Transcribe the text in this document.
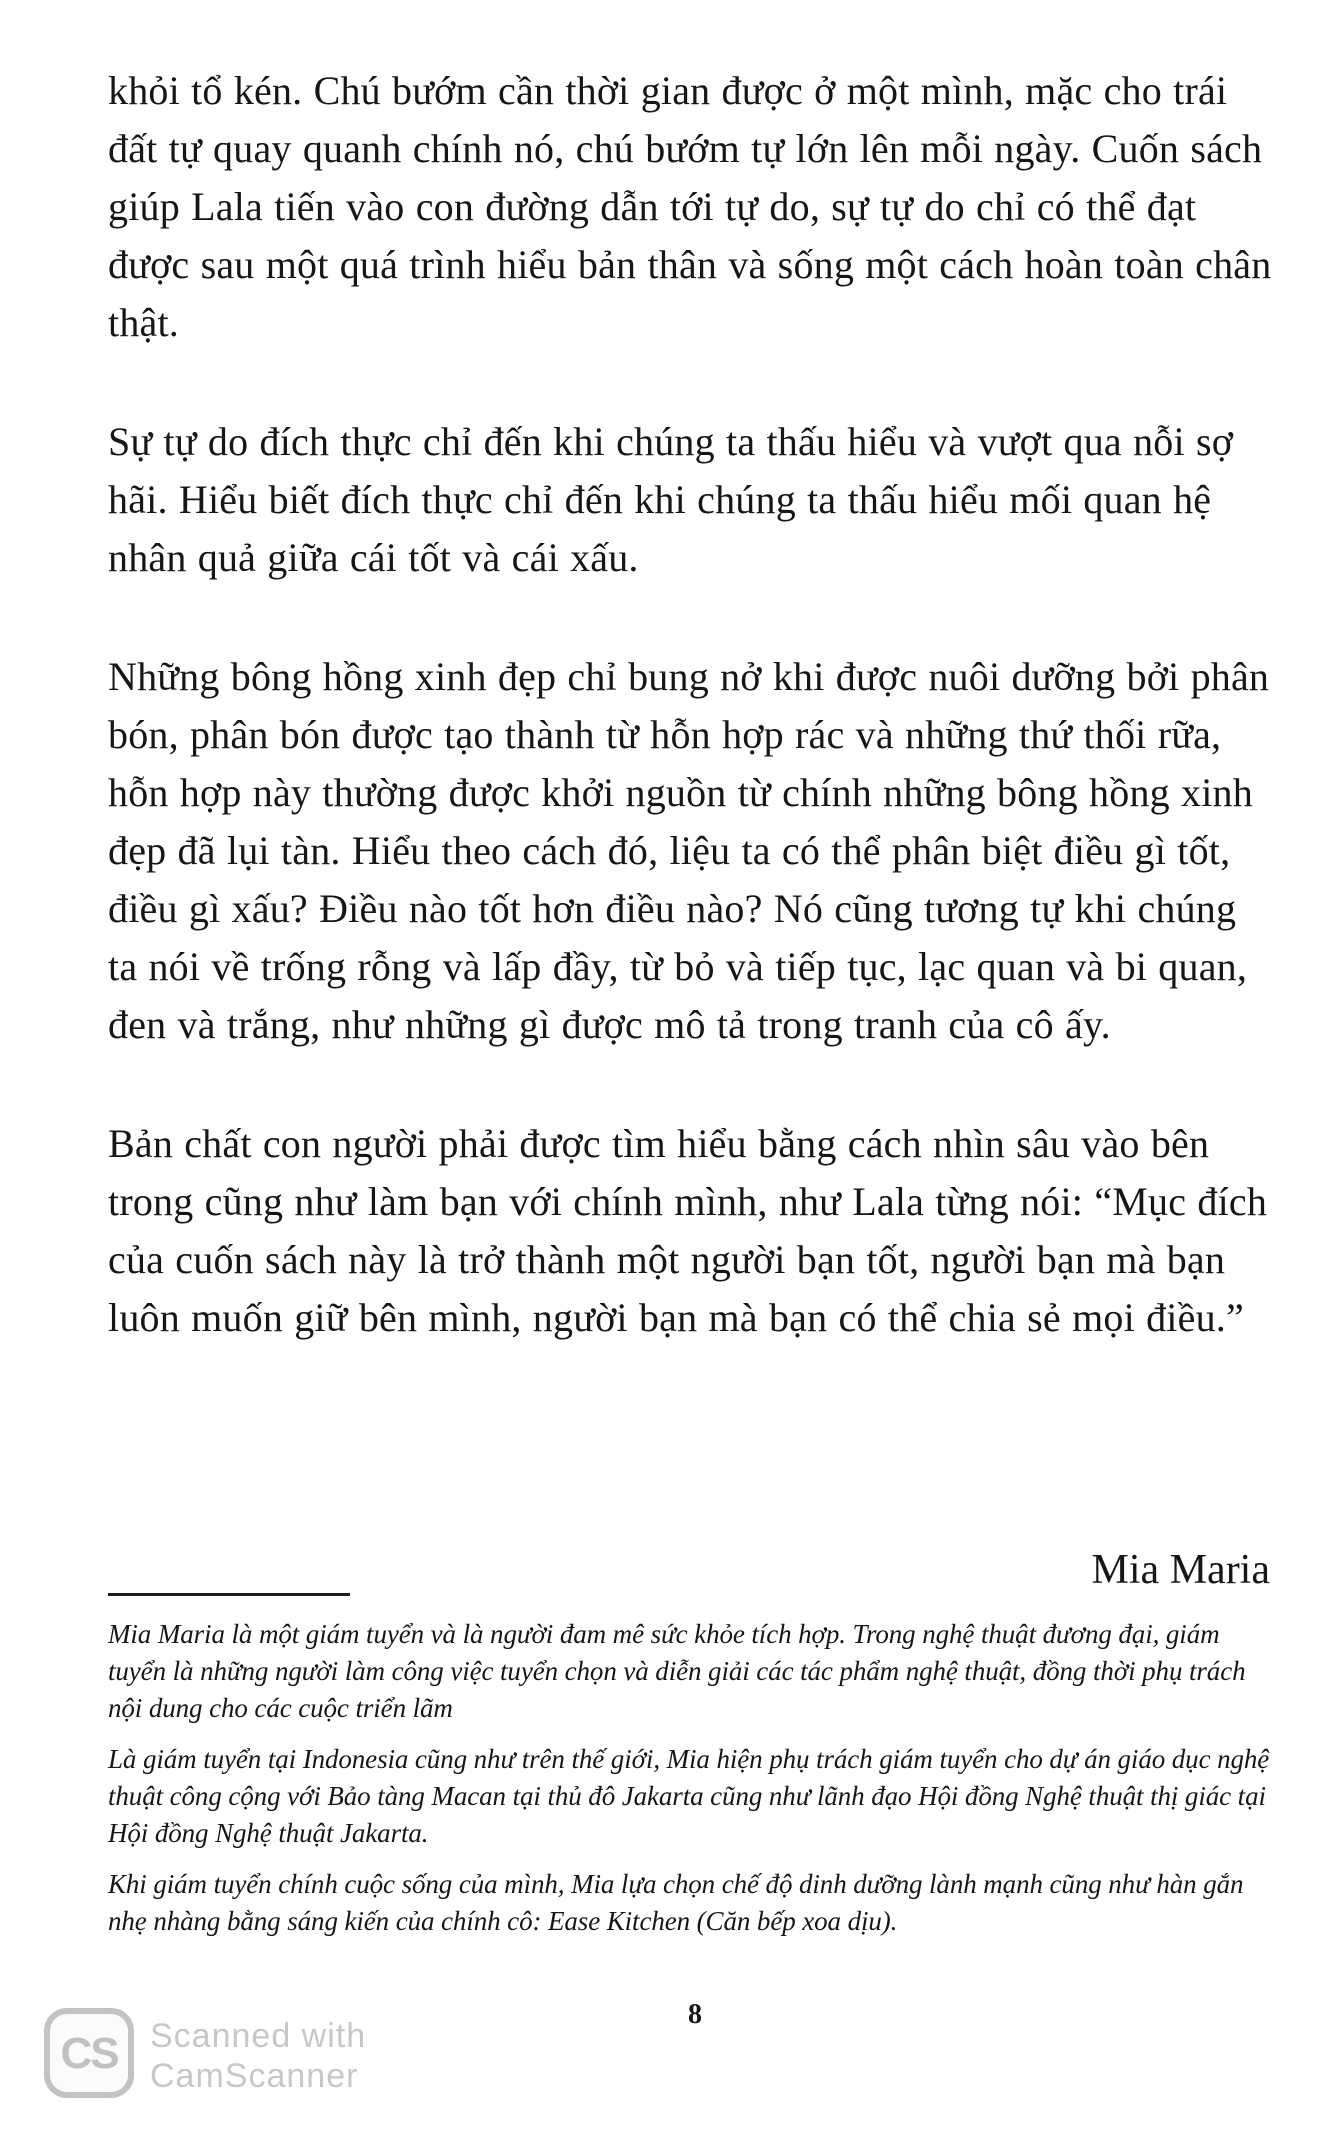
khỏi tổ kén. Chú bướm cần thời gian được ở một mình, mặc cho trái đất tự quay quanh chính nó, chú bướm tự lớn lên mỗi ngày. Cuốn sách giúp Lala tiến vào con đường dẫn tới tự do, sự tự do chỉ có thể đạt được sau một quá trình hiểu bản thân và sống một cách hoàn toàn chân thật.

Sự tự do đích thực chỉ đến khi chúng ta thấu hiểu và vượt qua nỗi sợ hãi. Hiểu biết đích thực chỉ đến khi chúng ta thấu hiểu mối quan hệ nhân quả giữa cái tốt và cái xấu.

Những bông hồng xinh đẹp chỉ bung nở khi được nuôi dưỡng bởi phân bón, phân bón được tạo thành từ hỗn hợp rác và những thứ thối rữa, hỗn hợp này thường được khởi nguồn từ chính những bông hồng xinh đẹp đã lụi tàn. Hiểu theo cách đó, liệu ta có thể phân biệt điều gì tốt, điều gì xấu? Điều nào tốt hơn điều nào? Nó cũng tương tự khi chúng ta nói về trống rỗng và lấp đầy, từ bỏ và tiếp tục, lạc quan và bi quan, đen và trắng, như những gì được mô tả trong tranh của cô ấy.

Bản chất con người phải được tìm hiểu bằng cách nhìn sâu vào bên trong cũng như làm bạn với chính mình, như Lala từng nói: “Mục đích của cuốn sách này là trở thành một người bạn tốt, người bạn mà bạn luôn muốn giữ bên mình, người bạn mà bạn có thể chia sẻ mọi điều.”

Mia Maria

Mia Maria là một giám tuyển và là người đam mê sức khỏe tích hợp. Trong nghệ thuật đương đại, giám tuyển là những người làm công việc tuyển chọn và diễn giải các tác phẩm nghệ thuật, đồng thời phụ trách nội dung cho các cuộc triển lãm

Là giám tuyển tại Indonesia cũng như trên thế giới, Mia hiện phụ trách giám tuyển cho dự án giáo dục nghệ thuật công cộng với Bảo tàng Macan tại thủ đô Jakarta cũng như lãnh đạo Hội đồng Nghệ thuật thị giác tại Hội đồng Nghệ thuật Jakarta.

Khi giám tuyển chính cuộc sống của mình, Mia lựa chọn chế độ dinh dưỡng lành mạnh cũng như hàn gắn nhẹ nhàng bằng sáng kiến của chính cô: Ease Kitchen (Căn bếp xoa dịu).

8
CS Scanned with
CamScanner
